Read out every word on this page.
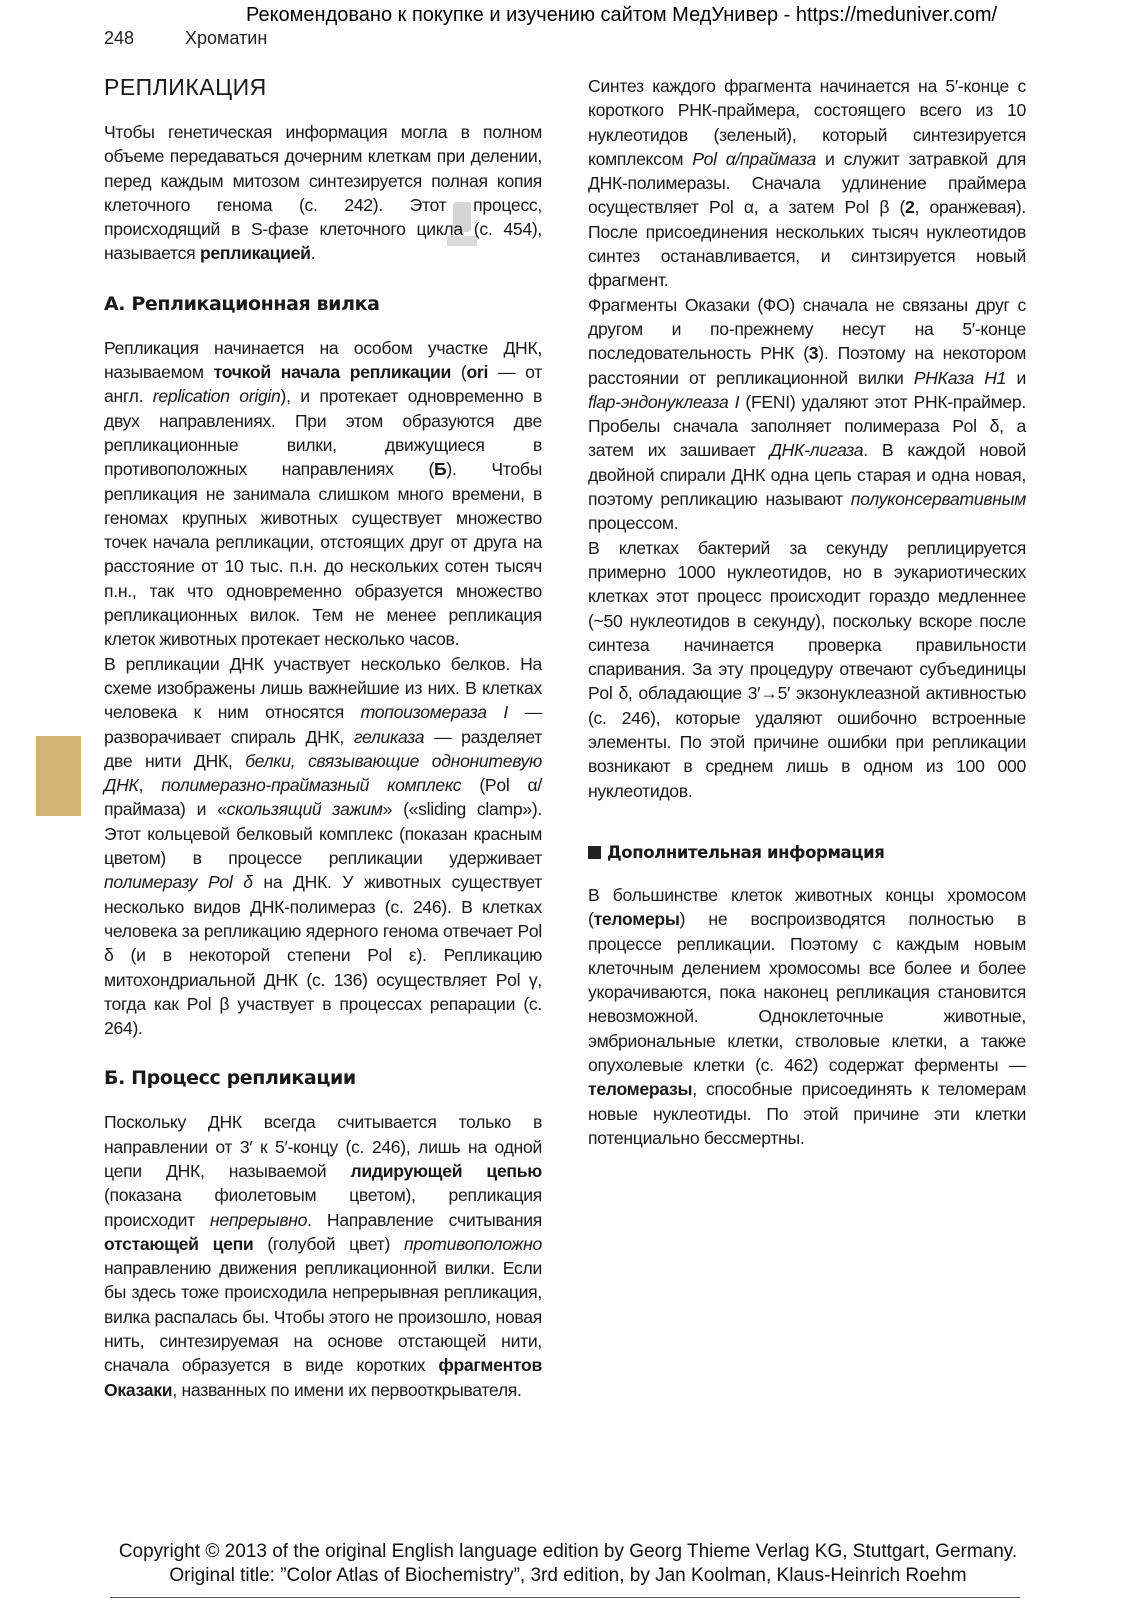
Рекомендовано к покупке и изучению сайтом МедУнивер - https://meduniver.com/
248	Хроматин
РЕПЛИКАЦИЯ

Чтобы генетическая информация могла в полном объеме передаваться дочерним клеткам при делении, перед каждым митозом синтезируется полная копия клеточного генома (с. 242). Этот процесс, происходящий в S-фазе клеточного цикла (с. 454), называется репликацией.

А. Репликационная вилка

Репликация начинается на особом участке ДНК, называемом точкой начала репликации (ori — от англ. replication origin), и протекает одновременно в двух направлениях. При этом образуются две репликационные вилки, движущиеся в противоположных направлениях (Б). Чтобы репликация не занимала слишком много времени, в геномах крупных животных существует множество точек начала репликации, отстоящих друг от друга на расстояние от 10 тыс. п.н. до нескольких сотен тысяч п.н., так что одновременно образуется множество репликационных вилок. Тем не менее репликация клеток животных протекает несколько часов.

В репликации ДНК участвует несколько белков. На схеме изображены лишь важнейшие из них. В клетках человека к ним относятся топоизомераза I — разворачивает спираль ДНК, геликаза — разделяет две нити ДНК, белки, связывающие однонитевую ДНК, полимеразно-праймазный комплекс (Pol α/праймаза) и «скользящий зажим» («sliding clamp»). Этот кольцевой белковый комплекс (показан красным цветом) в процессе репликации удерживает полимеразу Pol δ на ДНК. У животных существует несколько видов ДНК-полимераз (с. 246). В клетках человека за репликацию ядерного генома отвечает Pol δ (и в некоторой степени Pol ε). Репликацию митохондриальной ДНК (с. 136) осуществляет Pol γ, тогда как Pol β участвует в процессах репарации (с. 264).

Б. Процесс репликации

Поскольку ДНК всегда считывается только в направлении от 3′ к 5′-концу (с. 246), лишь на одной цепи ДНК, называемой лидирующей цепью (показана фиолетовым цветом), репликация происходит непрерывно. Направление считывания отстающей цепи (голубой цвет) противоположно направлению движения репликационной вилки. Если бы здесь тоже происходила непрерывная репликация, вилка распалась бы. Чтобы этого не произошло, новая нить, синтезируемая на основе отстающей нити, сначала образуется в виде коротких фрагментов Оказаки, названных по имени их первооткрывателя.

Синтез каждого фрагмента начинается на 5′-конце с короткого РНК-праймера, состоящего всего из 10 нуклеотидов (зеленый), который синтезируется комплексом Pol α/праймаза и служит затравкой для ДНК-полимеразы. Сначала удлинение праймера осуществляет Pol α, а затем Pol β (2, оранжевая). После присоединения нескольких тысяч нуклеотидов синтез останавливается, и синтзируется новый фрагмент.

Фрагменты Оказаки (ФО) сначала не связаны друг с другом и по-прежнему несут на 5′-конце последовательность РНК (3). Поэтому на некотором расстоянии от репликационной вилки РНКаза H1 и flap-эндонуклеаза I (FENI) удаляют этот РНК-праймер. Пробелы сначала заполняет полимераза Pol δ, а затем их зашивает ДНК-лигаза. В каждой новой двойной спирали ДНК одна цепь старая и одна новая, поэтому репликацию называют полуконсервативным процессом.

В клетках бактерий за секунду реплицируется примерно 1000 нуклеотидов, но в эукариотических клетках этот процесс происходит гораздо медленнее (~50 нуклеотидов в секунду), поскольку вскоре после синтеза начинается проверка правильности спаривания. За эту процедуру отвечают субъединицы Pol δ, обладающие 3′→5′ экзонуклеазной активностью (с. 246), которые удаляют ошибочно встроенные элементы. По этой причине ошибки при репликации возникают в среднем лишь в одном из 100 000 нуклеотидов.

Дополнительная информация

В большинстве клеток животных концы хромосом (теломеры) не воспроизводятся полностью в процессе репликации. Поэтому с каждым новым клеточным делением хромосомы все более и более укорачиваются, пока наконец репликация становится невозможной. Одноклеточные животные, эмбриональные клетки, стволовые клетки, а также опухолевые клетки (с. 462) содержат ферменты — теломеразы, способные присоединять к теломерам новые нуклеотиды. По этой причине эти клетки потенциально бессмертны.

Copyright © 2013 of the original English language edition by Georg Thieme Verlag KG, Stuttgart, Germany.
Original title: ”Color Atlas of Biochemistry”, 3rd edition, by Jan Koolman, Klaus-Heinrich Roehm
